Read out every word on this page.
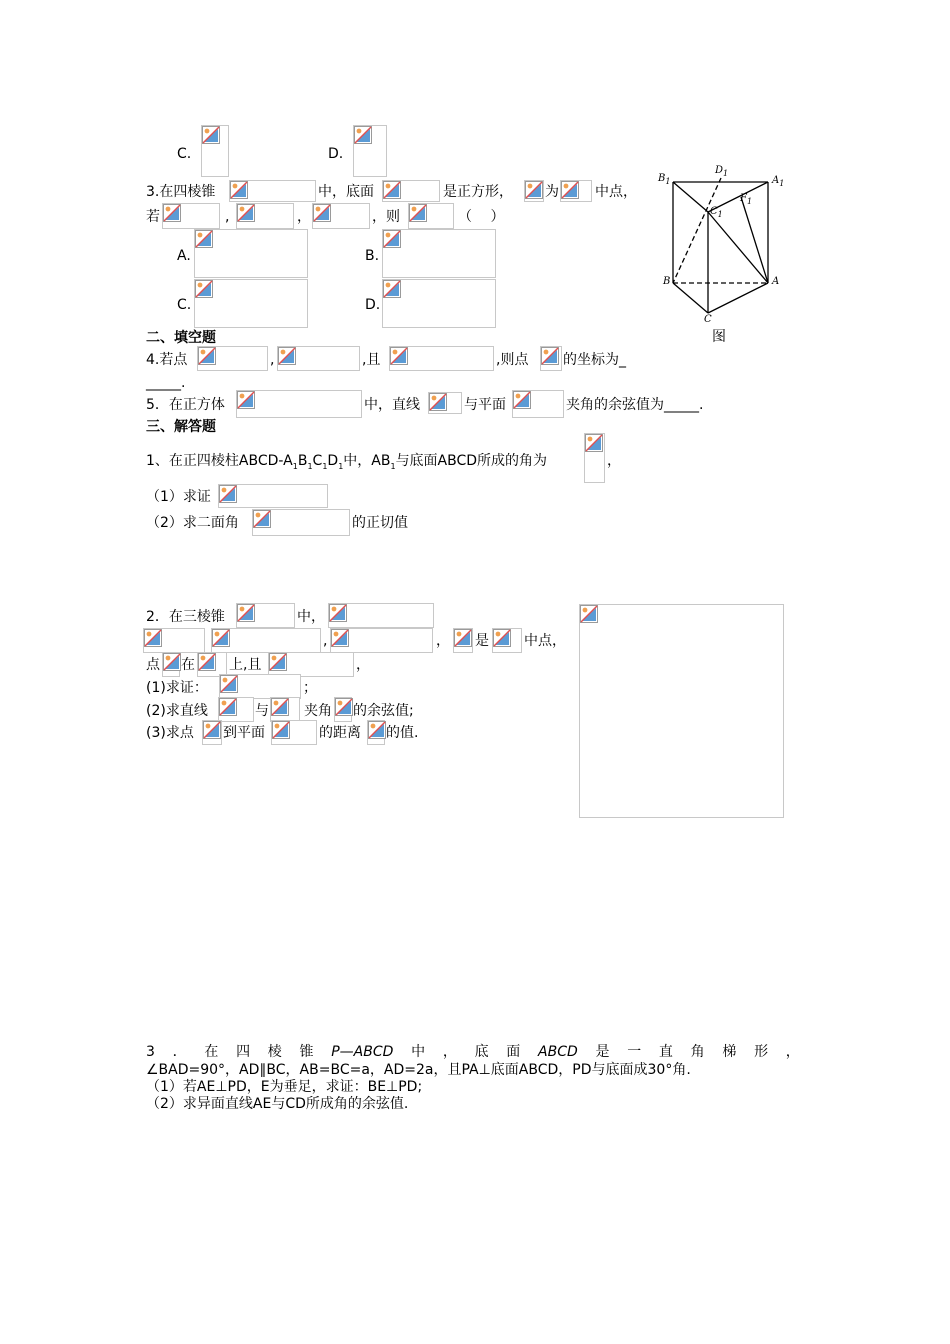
C.	D.
3.在四棱锥	中，底面	是正方形， 为	中点，
若	,	，	，则	（　 ）
A.	B.
C.	D.
$B_1$
$D_1$
$A_1$
$C_1$
$F_1$
B	A
C
图
二、填空题
4.若点	,	,且	,则点 的坐标为_
_____.
5．在正方体	中，直线	与平面	夹角的余弦值为_____.
三、解答题
1、在正四棱柱ABCD-$A_1B_1C_1D_1$中，$AB_1$与底面ABCD所成的角为	，
（1）求证
（2）求二面角	的正切值
2．在三棱锥	中，
,	， 是	中点，
点 在 上,且	，
(1)求证：	；
(2)求直线	与	夹角 的余弦值;
(3)求点 到平面	的距离 的值.
3 ． 在 四 棱 锥 P—ABCD 中 ， 底 面 ABCD 是 一 直 角 梯 形 ，
∠BAD=90°，AD∥BC，AB=BC=a，AD=2a，且PA⊥底面ABCD，PD与底面成30°角.
（1）若AE⊥PD，E为垂足，求证：BE⊥PD;
（2）求异面直线AE与CD所成角的余弦值.
